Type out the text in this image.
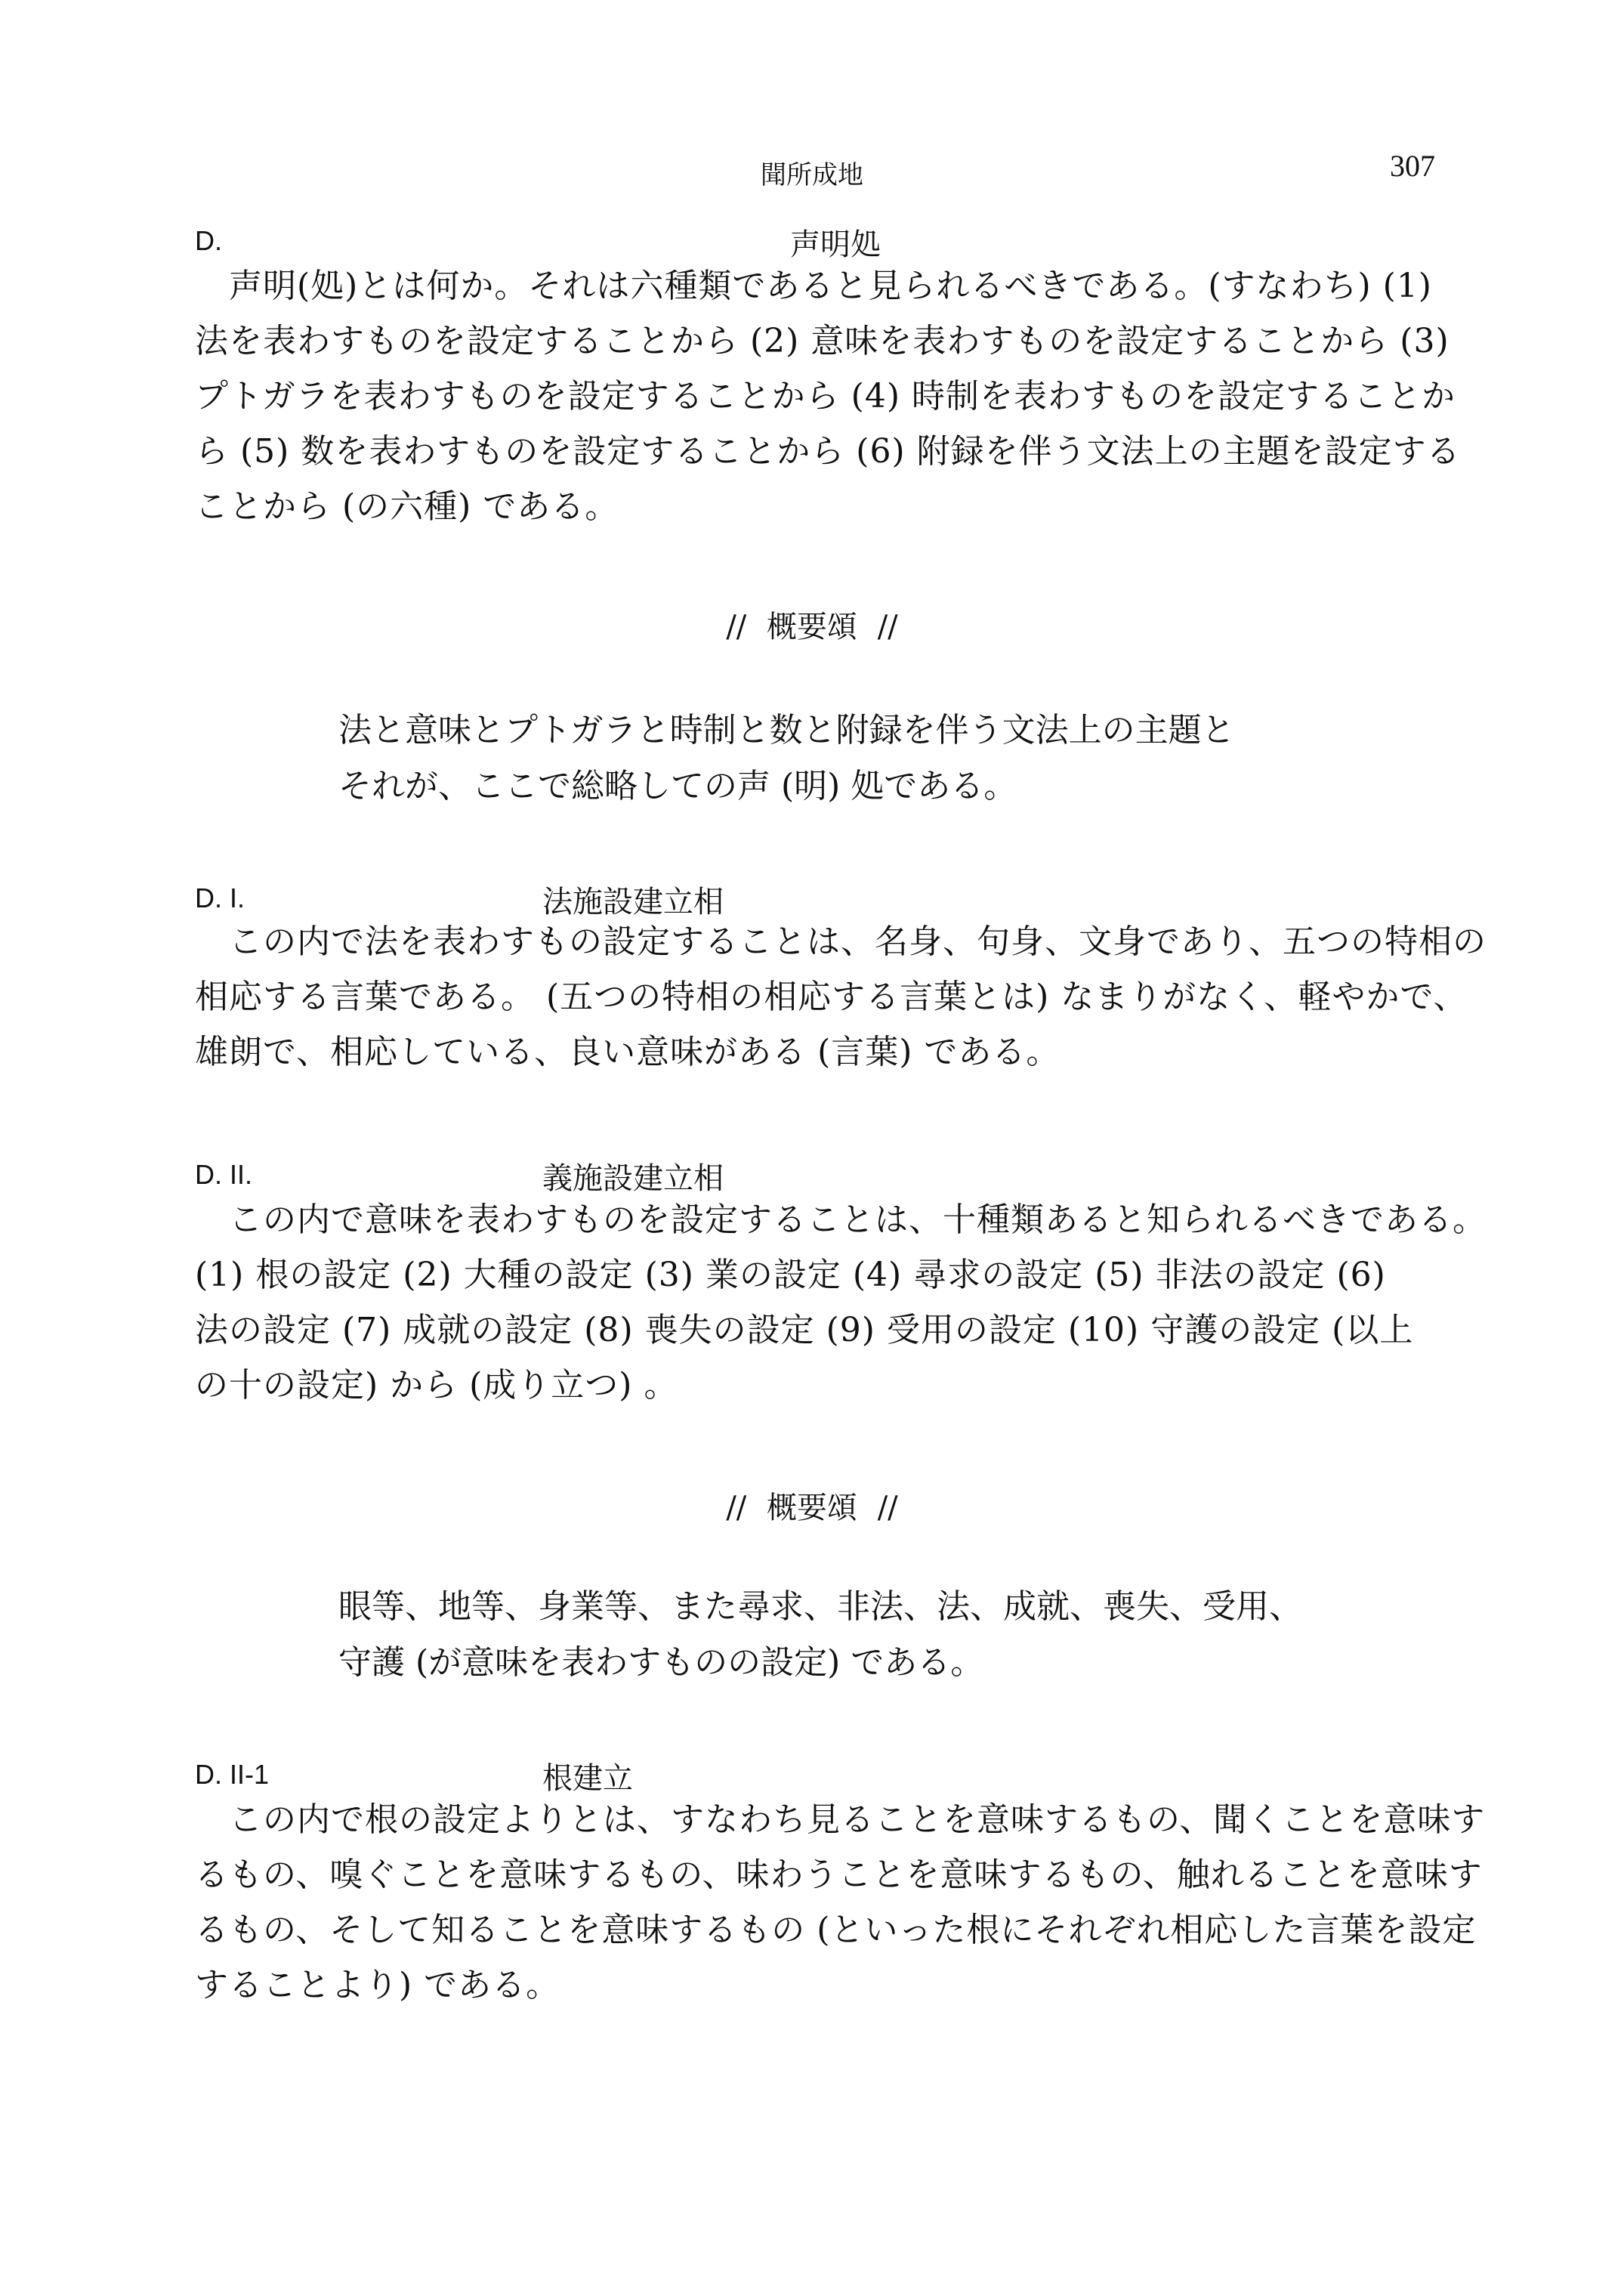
聞所成地	307
D.	声明処

　声明(処)とは何か。それは六種類であると見られるべきである。(すなわち) (1)

法を表わすものを設定することから (2) 意味を表わすものを設定することから (3)

プトガラを表わすものを設定することから (4) 時制を表わすものを設定することか

ら (5) 数を表わすものを設定することから (6) 附録を伴う文法上の主題を設定する

ことから (の六種) である。

// 概要頌 //

法と意味とプトガラと時制と数と附録を伴う文法上の主題と

それが、ここで総略しての声 (明) 処である。

D. I.	法施設建立相

　この内で法を表わすもの設定することは、名身、句身、文身であり、五つの特相の

相応する言葉である。 (五つの特相の相応する言葉とは) なまりがなく、軽やかで、

雄朗で、相応している、良い意味がある (言葉) である。

D. II.	義施設建立相

　この内で意味を表わすものを設定することは、十種類あると知られるべきである。

(1) 根の設定 (2) 大種の設定 (3) 業の設定 (4) 尋求の設定 (5) 非法の設定 (6)

法の設定 (7) 成就の設定 (8) 喪失の設定 (9) 受用の設定 (10) 守護の設定 (以上

の十の設定) から (成り立つ) 。

// 概要頌 //

眼等、地等、身業等、また尋求、非法、法、成就、喪失、受用、

守護 (が意味を表わすものの設定) である。

D. II-1	根建立

　この内で根の設定よりとは、すなわち見ることを意味するもの、聞くことを意味す

るもの、嗅ぐことを意味するもの、味わうことを意味するもの、触れることを意味す

るもの、そして知ることを意味するもの (といった根にそれぞれ相応した言葉を設定

することより) である。
